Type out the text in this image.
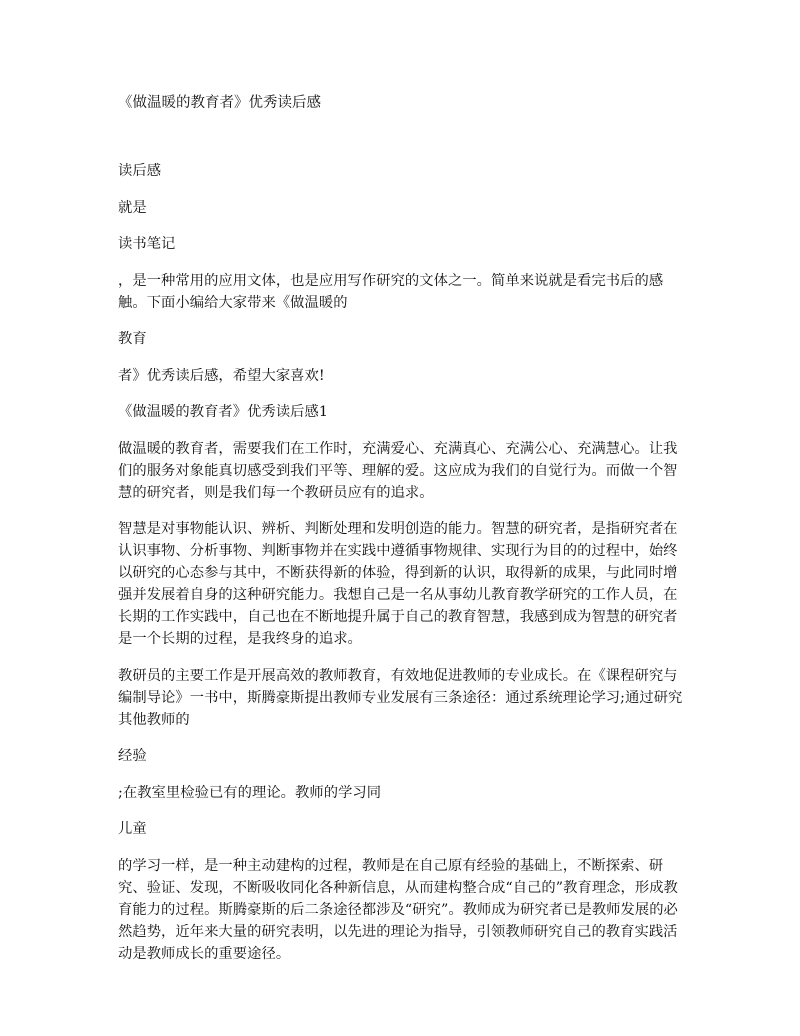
《做温暖的教育者》优秀读后感

读后感

就是

读书笔记

，是一种常用的应用文体，也是应用写作研究的文体之一。简单来说就是看完书后的感触。下面小编给大家带来《做温暖的

教育

者》优秀读后感，希望大家喜欢!

《做温暖的教育者》优秀读后感1

做温暖的教育者，需要我们在工作时，充满爱心、充满真心、充满公心、充满慧心。让我们的服务对象能真切感受到我们平等、理解的爱。这应成为我们的自觉行为。而做一个智慧的研究者，则是我们每一个教研员应有的追求。

智慧是对事物能认识、辨析、判断处理和发明创造的能力。智慧的研究者，是指研究者在认识事物、分析事物、判断事物并在实践中遵循事物规律、实现行为目的的过程中，始终以研究的心态参与其中，不断获得新的体验，得到新的认识，取得新的成果，与此同时增强并发展着自身的这种研究能力。我想自己是一名从事幼儿教育教学研究的工作人员，在长期的工作实践中，自己也在不断地提升属于自己的教育智慧，我感到成为智慧的研究者是一个长期的过程，是我终身的追求。

教研员的主要工作是开展高效的教师教育，有效地促进教师的专业成长。在《课程研究与编制导论》一书中，斯腾豪斯提出教师专业发展有三条途径：通过系统理论学习;通过研究其他教师的

经验

;在教室里检验已有的理论。教师的学习同

儿童

的学习一样，是一种主动建构的过程，教师是在自己原有经验的基础上，不断探索、研究、验证、发现，不断吸收同化各种新信息，从而建构整合成“自己的”教育理念，形成教育能力的过程。斯腾豪斯的后二条途径都涉及“研究”。教师成为研究者已是教师发展的必然趋势，近年来大量的研究表明，以先进的理论为指导，引领教师研究自己的教育实践活动是教师成长的重要途径。
